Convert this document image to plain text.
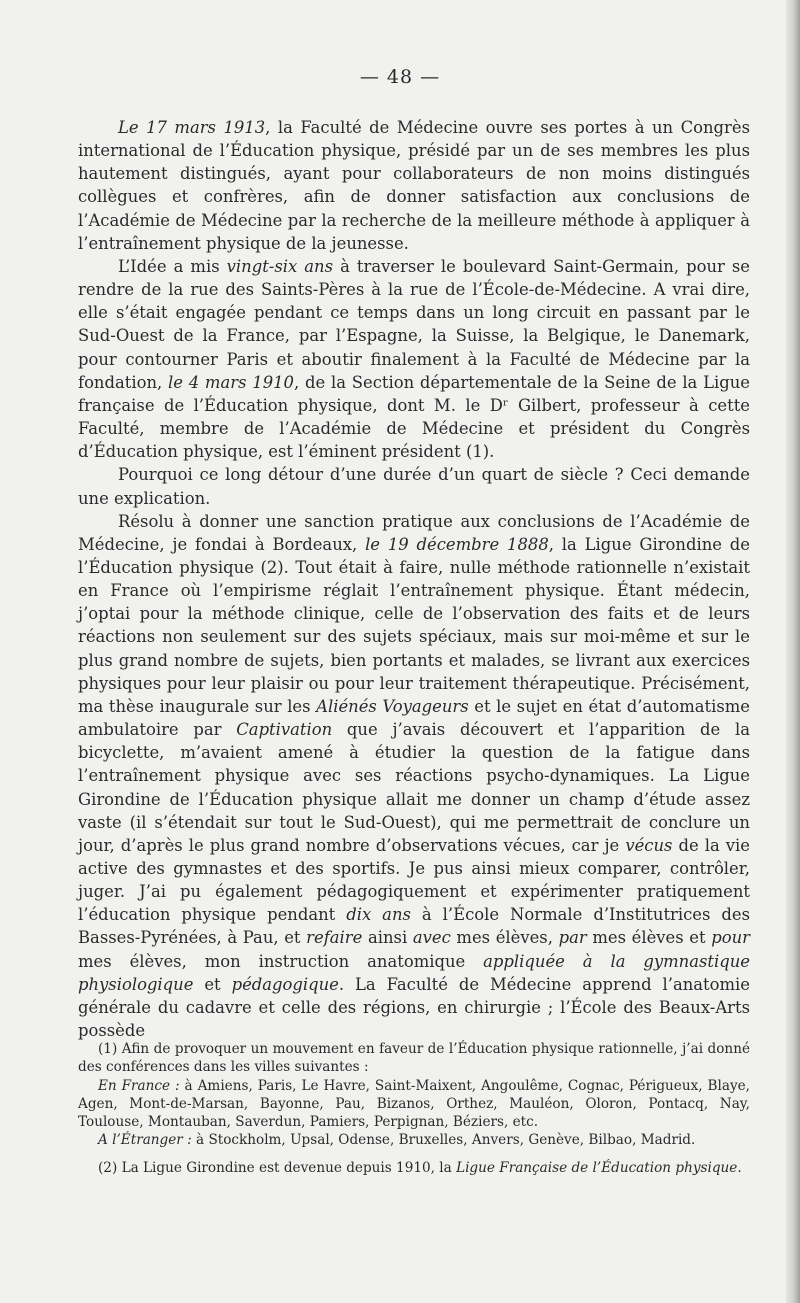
— 48 —

Le 17 mars 1913, la Faculté de Médecine ouvre ses portes à un Congrès international de l’Éducation physique, présidé par un de ses membres les plus hautement distingués, ayant pour collaborateurs de non moins distingués collègues et confrères, afin de donner satisfaction aux conclusions de l’Académie de Médecine par la recherche de la meilleure méthode à appliquer à l’entraînement physique de la jeunesse.

L’Idée a mis vingt-six ans à traverser le boulevard Saint-Germain, pour se rendre de la rue des Saints-Pères à la rue de l’École-de-Médecine. A vrai dire, elle s’était engagée pendant ce temps dans un long circuit en passant par le Sud-Ouest de la France, par l’Espagne, la Suisse, la Belgique, le Danemark, pour contourner Paris et aboutir finalement à la Faculté de Médecine par la fondation, le 4 mars 1910, de la Section départementale de la Seine de la Ligue française de l’Éducation physique, dont M. le Dʳ Gilbert, professeur à cette Faculté, membre de l’Académie de Médecine et président du Congrès d’Éducation physique, est l’éminent président (1).

Pourquoi ce long détour d’une durée d’un quart de siècle ? Ceci demande une explication.

Résolu à donner une sanction pratique aux conclusions de l’Académie de Médecine, je fondai à Bordeaux, le 19 décembre 1888, la Ligue Girondine de l’Éducation physique (2). Tout était à faire, nulle méthode rationnelle n’existait en France où l’empirisme réglait l’entraînement physique. Étant médecin, j’optai pour la méthode clinique, celle de l’observation des faits et de leurs réactions non seulement sur des sujets spéciaux, mais sur moi-même et sur le plus grand nombre de sujets, bien portants et malades, se livrant aux exercices physiques pour leur plaisir ou pour leur traitement thérapeutique. Précisément, ma thèse inaugurale sur les Aliénés Voyageurs et le sujet en état d’automatisme ambulatoire par Captivation que j’avais découvert et l’apparition de la bicyclette, m’avaient amené à étudier la question de la fatigue dans l’entraînement physique avec ses réactions psycho-dynamiques. La Ligue Girondine de l’Éducation physique allait me donner un champ d’étude assez vaste (il s’étendait sur tout le Sud-Ouest), qui me permettrait de conclure un jour, d’après le plus grand nombre d’observations vécues, car je vécus de la vie active des gymnastes et des sportifs. Je pus ainsi mieux comparer, contrôler, juger. J’ai pu également pédagogiquement et expérimenter pratiquement l’éducation physique pendant dix ans à l’École Normale d’Institutrices des Basses-Pyrénées, à Pau, et refaire ainsi avec mes élèves, par mes élèves et pour mes élèves, mon instruction anatomique appliquée à la gymnastique physiologique et pédagogique. La Faculté de Médecine apprend l’anatomie générale du cadavre et celle des régions, en chirurgie ; l’École des Beaux-Arts possède

(1) Afin de provoquer un mouvement en faveur de l’Éducation physique rationnelle, j’ai donné des conférences dans les villes suivantes :

En France : à Amiens, Paris, Le Havre, Saint-Maixent, Angoulême, Cognac, Périgueux, Blaye, Agen, Mont-de-Marsan, Bayonne, Pau, Bizanos, Orthez, Mauléon, Oloron, Pontacq, Nay, Toulouse, Montauban, Saverdun, Pamiers, Perpignan, Béziers, etc.

A l’Étranger : à Stockholm, Upsal, Odense, Bruxelles, Anvers, Genève, Bilbao, Madrid.

(2) La Ligue Girondine est devenue depuis 1910, la Ligue Française de l’Éducation physique.
